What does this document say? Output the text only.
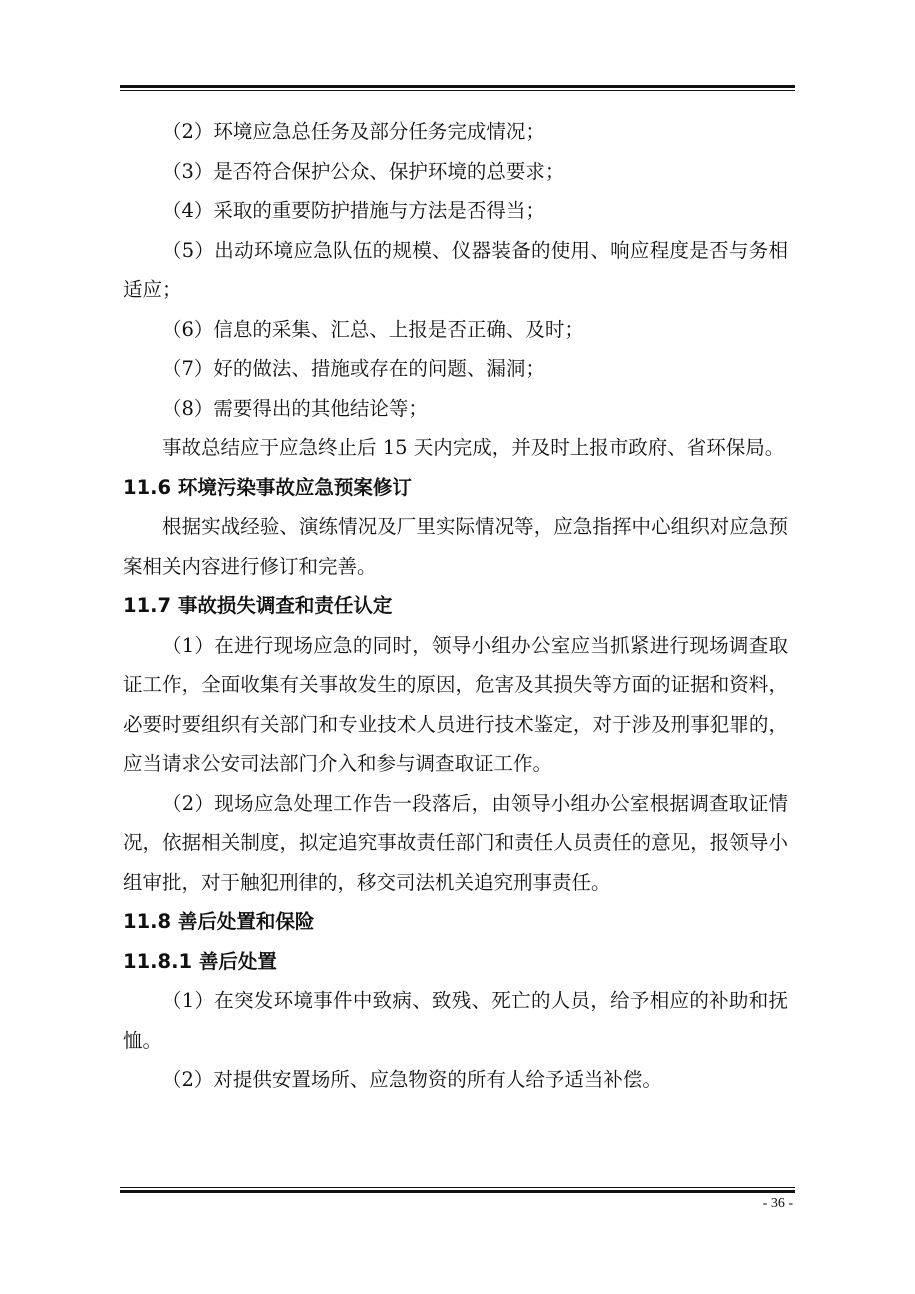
（2）环境应急总任务及部分任务完成情况；

（3）是否符合保护公众、保护环境的总要求；

（4）采取的重要防护措施与方法是否得当；

（5）出动环境应急队伍的规模、仪器装备的使用、响应程度是否与务相适应；

（6）信息的采集、汇总、上报是否正确、及时；

（7）好的做法、措施或存在的问题、漏洞；

（8）需要得出的其他结论等；

事故总结应于应急终止后 15 天内完成，并及时上报市政府、省环保局。

11.6 环境污染事故应急预案修订

根据实战经验、演练情况及厂里实际情况等，应急指挥中心组织对应急预案相关内容进行修订和完善。

11.7 事故损失调查和责任认定

（1）在进行现场应急的同时，领导小组办公室应当抓紧进行现场调查取证工作，全面收集有关事故发生的原因，危害及其损失等方面的证据和资料，必要时要组织有关部门和专业技术人员进行技术鉴定，对于涉及刑事犯罪的，应当请求公安司法部门介入和参与调查取证工作。

（2）现场应急处理工作告一段落后，由领导小组办公室根据调查取证情况，依据相关制度，拟定追究事故责任部门和责任人员责任的意见，报领导小组审批，对于触犯刑律的，移交司法机关追究刑事责任。

11.8 善后处置和保险

11.8.1 善后处置

（1）在突发环境事件中致病、致残、死亡的人员，给予相应的补助和抚恤。

（2）对提供安置场所、应急物资的所有人给予适当补偿。

- 36 -
